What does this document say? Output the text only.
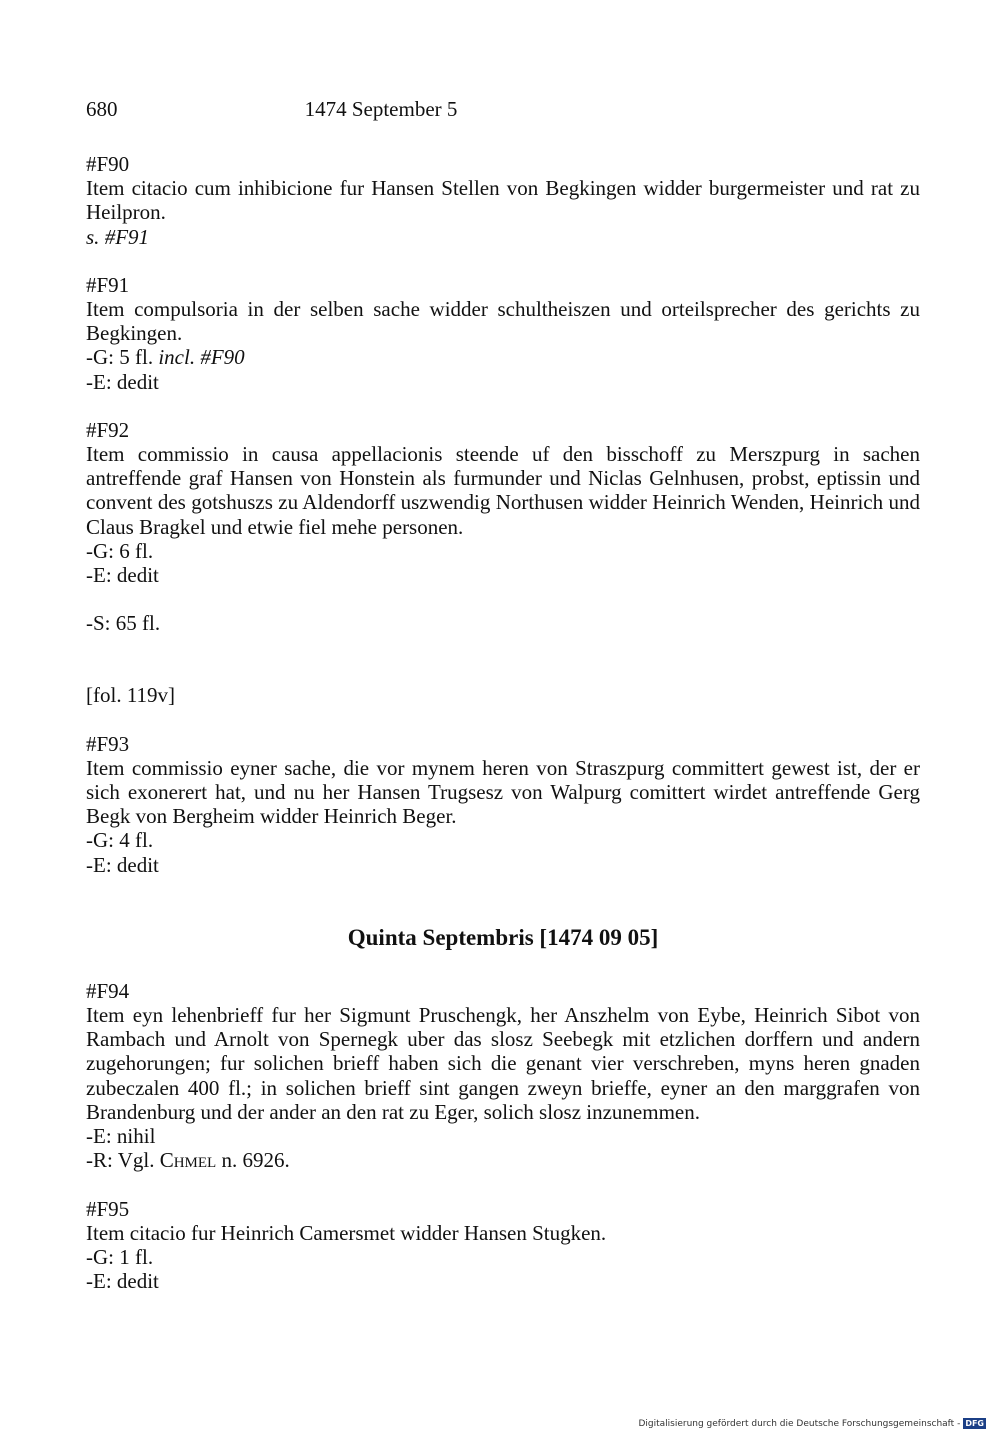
680	1474 September 5
#F90
Item citacio cum inhibicione fur Hansen Stellen von Begkingen widder burgermeister und rat zu Heilpron.
s. #F91
#F91
Item compulsoria in der selben sache widder schultheiszen und orteilsprecher des gerichts zu Begkingen.
-G: 5 fl. incl. #F90
-E: dedit
#F92
Item commissio in causa appellacionis steende uf den bisschoff zu Merszpurg in sachen antreffende graf Hansen von Honstein als furmunder und Niclas Gelnhusen, probst, eptissin und convent des gotshuszs zu Aldendorff uszwendig Northusen widder Heinrich Wenden, Heinrich und Claus Bragkel und etwie fiel mehe personen.
-G: 6 fl.
-E: dedit
-S: 65 fl.
[fol. 119v]
#F93
Item commissio eyner sache, die vor mynem heren von Straszpurg committert gewest ist, der er sich exonerert hat, und nu her Hansen Trugsesz von Walpurg comittert wirdet antreffende Gerg Begk von Bergheim widder Heinrich Beger.
-G: 4 fl.
-E: dedit
Quinta Septembris [1474 09 05]
#F94
Item eyn lehenbrieff fur her Sigmunt Pruschengk, her Anszhelm von Eybe, Heinrich Sibot von Rambach und Arnolt von Spernegk uber das slosz Seebegk mit etzlichen dorffern und andern zugehorungen; fur solichen brieff haben sich die genant vier verschreben, myns heren gnaden zubeczalen 400 fl.; in solichen brieff sint gangen zweyn brieffe, eyner an den marggrafen von Brandenburg und der ander an den rat zu Eger, solich slosz inzunemmen.
-E: nihil
-R: Vgl. Chmel n. 6926.
#F95
Item citacio fur Heinrich Camersmet widder Hansen Stugken.
-G: 1 fl.
-E: dedit
Digitalisierung gefördert durch die Deutsche Forschungsgemeinschaft - DFG
